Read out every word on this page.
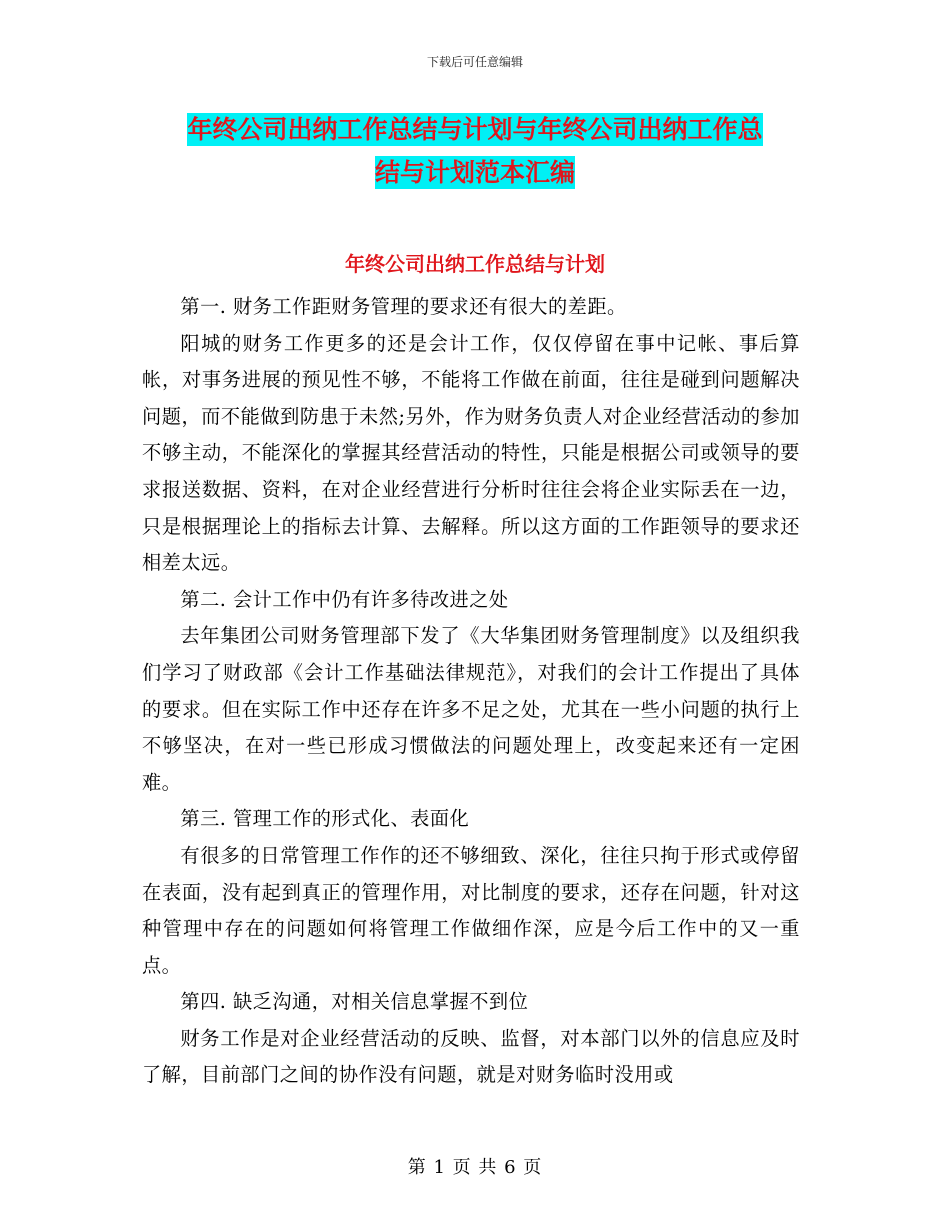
下载后可任意编辑
年终公司出纳工作总结与计划与年终公司出纳工作总
结与计划范本汇编
年终公司出纳工作总结与计划

第一. 财务工作距财务管理的要求还有很大的差距。

阳城的财务工作更多的还是会计工作，仅仅停留在事中记帐、事后算帐，对事务进展的预见性不够，不能将工作做在前面，往往是碰到问题解决问题，而不能做到防患于未然;另外，作为财务负责人对企业经营活动的参加不够主动，不能深化的掌握其经营活动的特性，只能是根据公司或领导的要求报送数据、资料，在对企业经营进行分析时往往会将企业实际丢在一边，只是根据理论上的指标去计算、去解释。所以这方面的工作距领导的要求还相差太远。

第二. 会计工作中仍有许多待改进之处

去年集团公司财务管理部下发了《大华集团财务管理制度》以及组织我们学习了财政部《会计工作基础法律规范》，对我们的会计工作提出了具体的要求。但在实际工作中还存在许多不足之处，尤其在一些小问题的执行上不够坚决，在对一些已形成习惯做法的问题处理上，改变起来还有一定困难。

第三. 管理工作的形式化、表面化

有很多的日常管理工作作的还不够细致、深化，往往只拘于形式或停留在表面，没有起到真正的管理作用，对比制度的要求，还存在问题，针对这种管理中存在的问题如何将管理工作做细作深，应是今后工作中的又一重点。

第四. 缺乏沟通，对相关信息掌握不到位

财务工作是对企业经营活动的反映、监督，对本部门以外的信息应及时了解，目前部门之间的协作没有问题，就是对财务临时没用或

第 1 页 共 6 页
